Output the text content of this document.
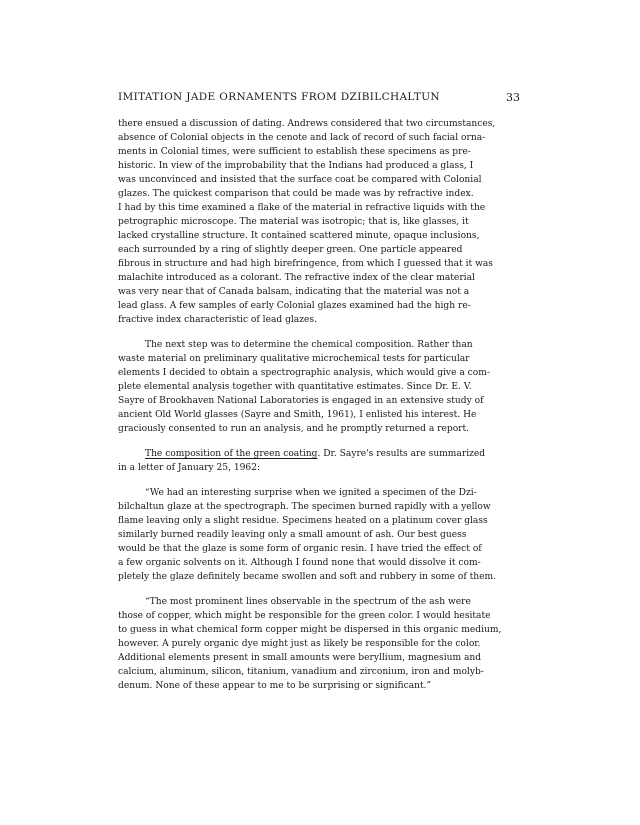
IMITATION JADE ORNAMENTS FROM DZIBILCHALTUN	33
there ensued a discussion of dating. Andrews considered that two circumstances,
absence of Colonial objects in the cenote and lack of record of such facial orna-
ments in Colonial times, were sufficient to establish these specimens as pre-
historic. In view of the improbability that the Indians had produced a glass, I
was unconvinced and insisted that the surface coat be compared with Colonial
glazes. The quickest comparison that could be made was by refractive index.
I had by this time examined a flake of the material in refractive liquids with the
petrographic microscope. The material was isotropic; that is, like glasses, it
lacked crystalline structure. It contained scattered minute, opaque inclusions,
each surrounded by a ring of slightly deeper green. One particle appeared
fibrous in structure and had high birefringence, from which I guessed that it was
malachite introduced as a colorant. The refractive index of the clear material
was very near that of Canada balsam, indicating that the material was not a
lead glass. A few samples of early Colonial glazes examined had the high re-
fractive index characteristic of lead glazes.
The next step was to determine the chemical composition. Rather than
waste material on preliminary qualitative microchemical tests for particular
elements I decided to obtain a spectrographic analysis, which would give a com-
plete elemental analysis together with quantitative estimates. Since Dr. E. V.
Sayre of Brookhaven National Laboratories is engaged in an extensive study of
ancient Old World glasses (Sayre and Smith, 1961), I enlisted his interest. He
graciously consented to run an analysis, and he promptly returned a report.
The composition of the green coating. Dr. Sayre's results are summarized
in a letter of January 25, 1962:
“We had an interesting surprise when we ignited a specimen of the Dzi-
bilchaltun glaze at the spectrograph. The specimen burned rapidly with a yellow
flame leaving only a slight residue. Specimens heated on a platinum cover glass
similarly burned readily leaving only a small amount of ash. Our best guess
would be that the glaze is some form of organic resin. I have tried the effect of
a few organic solvents on it. Although I found none that would dissolve it com-
pletely the glaze definitely became swollen and soft and rubbery in some of them.
“The most prominent lines observable in the spectrum of the ash were
those of copper, which might be responsible for the green color. I would hesitate
to guess in what chemical form copper might be dispersed in this organic medium,
however. A purely organic dye might just as likely be responsible for the color.
Additional elements present in small amounts were beryllium, magnesium and
calcium, aluminum, silicon, titanium, vanadium and zirconium, iron and molyb-
denum. None of these appear to me to be surprising or significant.”
